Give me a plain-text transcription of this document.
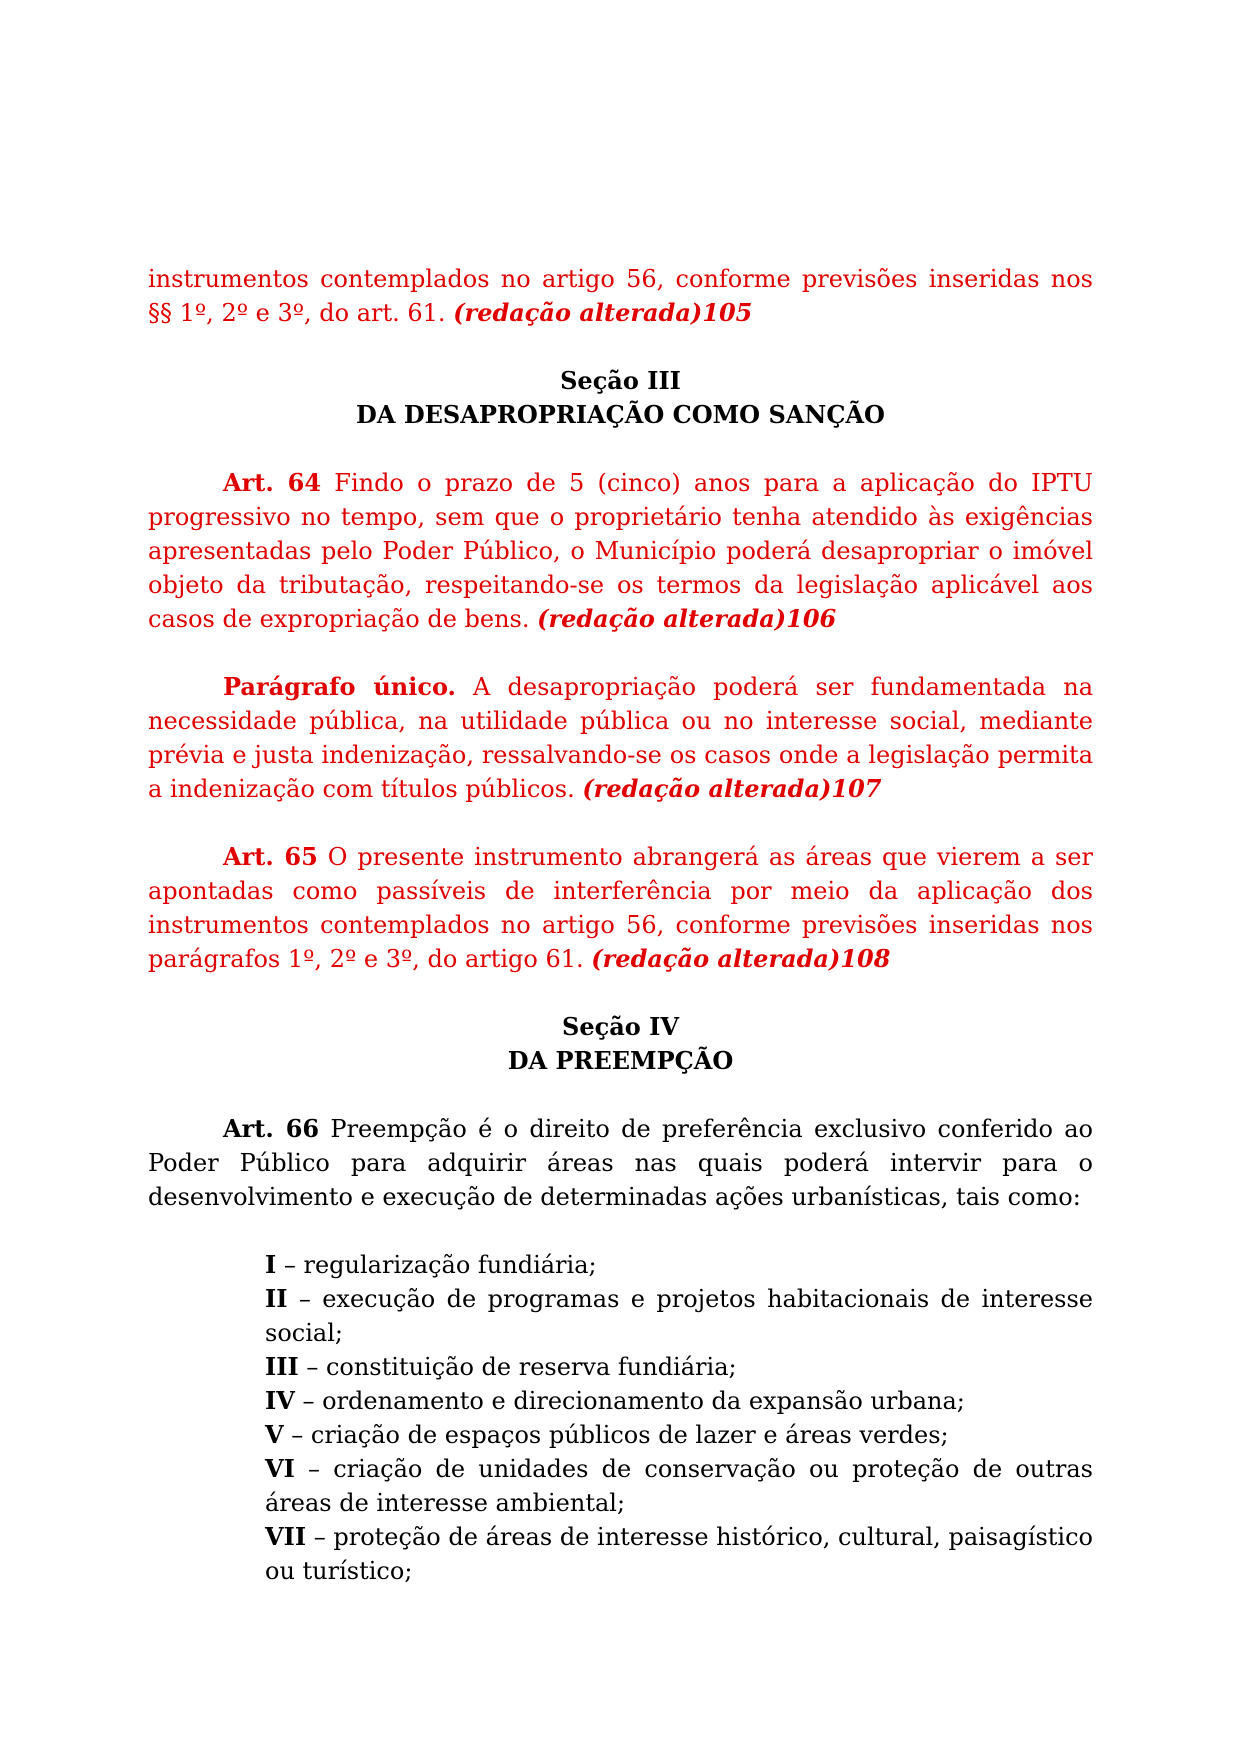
instrumentos contemplados no artigo 56, conforme previsões inseridas nos §§ 1º, 2º e 3º, do art. 61. (redação alterada)105

Seção III

DA DESAPROPRIAÇÃO COMO SANÇÃO

Art. 64 Findo o prazo de 5 (cinco) anos para a aplicação do IPTU progressivo no tempo, sem que o proprietário tenha atendido às exigências apresentadas pelo Poder Público, o Município poderá desapropriar o imóvel objeto da tributação, respeitando-se os termos da legislação aplicável aos casos de expropriação de bens. (redação alterada)106

Parágrafo único. A desapropriação poderá ser fundamentada na necessidade pública, na utilidade pública ou no interesse social, mediante prévia e justa indenização, ressalvando-se os casos onde a legislação permita a indenização com títulos públicos. (redação alterada)107

Art. 65 O presente instrumento abrangerá as áreas que vierem a ser apontadas como passíveis de interferência por meio da aplicação dos instrumentos contemplados no artigo 56, conforme previsões inseridas nos parágrafos 1º, 2º e 3º, do artigo 61. (redação alterada)108

Seção IV

DA PREEMPÇÃO

Art. 66 Preempção é o direito de preferência exclusivo conferido ao Poder Público para adquirir áreas nas quais poderá intervir para o desenvolvimento e execução de determinadas ações urbanísticas, tais como:

I – regularização fundiária;

II – execução de programas e projetos habitacionais de interesse social;

III – constituição de reserva fundiária;

IV – ordenamento e direcionamento da expansão urbana;

V – criação de espaços públicos de lazer e áreas verdes;

VI – criação de unidades de conservação ou proteção de outras áreas de interesse ambiental;

VII – proteção de áreas de interesse histórico, cultural, paisagístico ou turístico;
